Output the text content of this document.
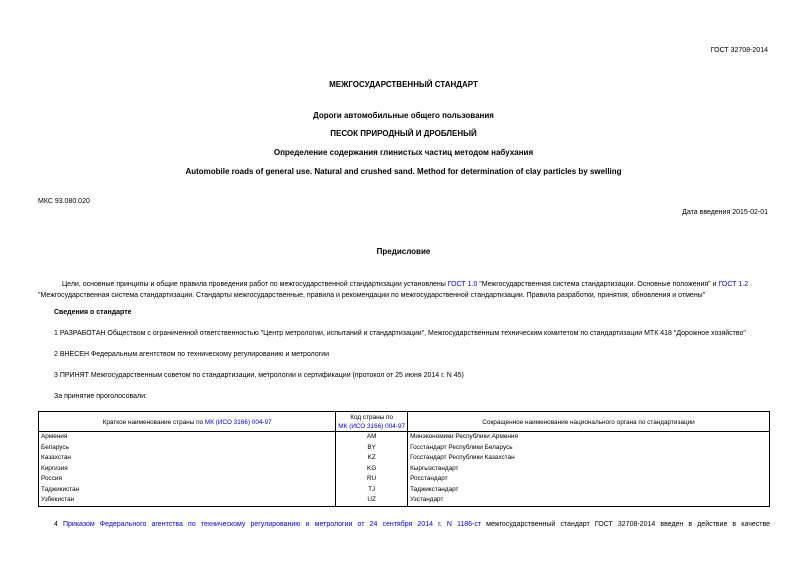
ГОСТ 32708-2014
МЕЖГОСУДАРСТВЕННЫЙ СТАНДАРТ
Дороги автомобильные общего пользования
ПЕСОК ПРИРОДНЫЙ И ДРОБЛЕНЫЙ
Определение содержания глинистых частиц методом набухания
Automobile roads of general use. Natural and crushed sand. Method for determination of clay particles by swelling
МКС 93.080.020
Дата введения 2015-02-01
Предисловие
Цели, основные принципы и общие правила проведения работ по межгосударственной стандартизации установлены ГОСТ 1.0 "Межгосударственная система стандартизации. Основные положения" и ГОСТ 1.2
"Межгосударственная система стандартизации. Стандарты межгосударственные, правила и рекомендации по межгосударственной стандартизации. Правила разработки, принятия, обновления и отмены"
Сведения о стандарте
1 РАЗРАБОТАН Обществом с ограниченной ответственностью "Центр метрологии, испытаний и стандартизации", Межгосударственным техническим комитетом по стандартизации МТК 418 "Дорожное хозяйство"
2 ВНЕСЕН Федеральным агентством по техническому регулированию и метрологии
3 ПРИНЯТ Межгосударственным советом по стандартизации, метрологии и сертификации (протокол от 25 июня 2014 г. N 45)
За принятие проголосовали:
Краткое наименование страны по МК (ИСО 3166) 004-97	Код страны по	Сокращенное наименование национального органа по стандартизации
	МК (ИСО 3166) 004-97	
Армения	AM	Минэкономики Республики Армения
Беларусь	BY	Госстандарт Республики Беларусь
Казахстан	KZ	Госстандарт Республики Казахстан
Киргизия	KG	Кыргызстандарт
Россия	RU	Росстандарт
Таджикистан	TJ	Таджикстандарт
Узбекистан	UZ	Узстандарт
4 Приказом Федерального агентства по техническому регулированию и метрологии от 24 сентября 2014 г. N 1186-ст межгосударственный стандарт ГОСТ 32708-2014 введен в действие в качестве
